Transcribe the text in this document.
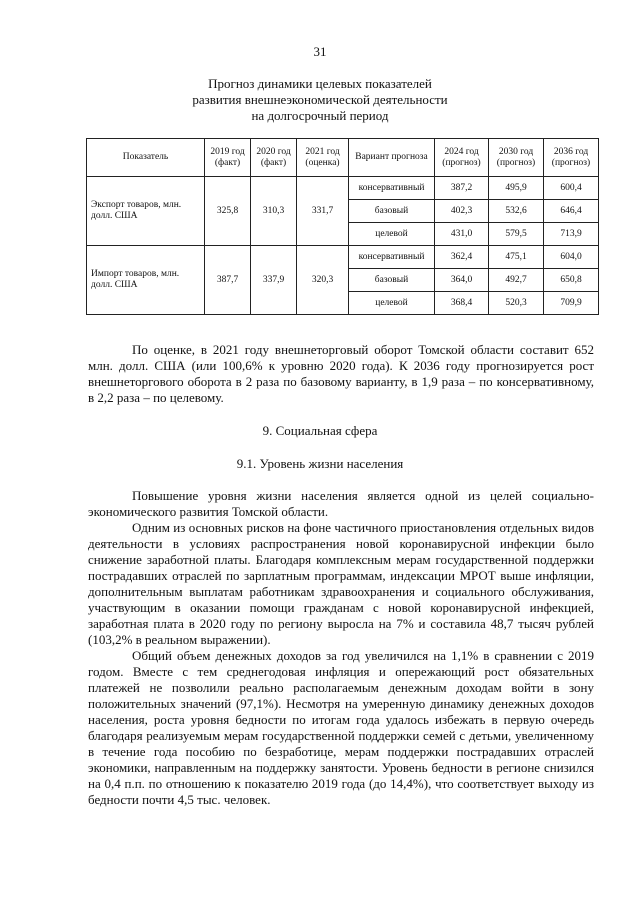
31
Прогноз динамики целевых показателей
развития внешнеэкономической деятельности
на долгосрочный период
Показатель	2019 год (факт)	2020 год (факт)	2021 год (оценка)	Вариант прогноза	2024 год (прогноз)	2030 год (прогноз)	2036 год (прогноз)
Экспорт товаров, млн. долл. США	325,8	310,3	331,7	консервативный	387,2	495,9	600,4
				базовый	402,3	532,6	646,4
				целевой	431,0	579,5	713,9
Импорт товаров, млн. долл. США	387,7	337,9	320,3	консервативный	362,4	475,1	604,0
				базовый	364,0	492,7	650,8
				целевой	368,4	520,3	709,9
По оценке, в 2021 году внешнеторговый оборот Томской области составит 652 млн. долл. США (или 100,6% к уровню 2020 года). К 2036 году прогнозируется рост внешнеторгового оборота в 2 раза по базовому варианту, в 1,9 раза – по консервативному, в 2,2 раза – по целевому.
9. Социальная сфера
9.1. Уровень жизни населения
Повышение уровня жизни населения является одной из целей социально-экономического развития Томской области.
Одним из основных рисков на фоне частичного приостановления отдельных видов деятельности в условиях распространения новой коронавирусной инфекции было снижение заработной платы. Благодаря комплексным мерам государственной поддержки пострадавших отраслей по зарплатным программам, индексации МРОТ выше инфляции, дополнительным выплатам работникам здравоохранения и социального обслуживания, участвующим в оказании помощи гражданам с новой коронавирусной инфекцией, заработная плата в 2020 году по региону выросла на 7% и составила 48,7 тысяч рублей (103,2% в реальном выражении).
Общий объем денежных доходов за год увеличился на 1,1% в сравнении с 2019 годом. Вместе с тем среднегодовая инфляция и опережающий рост обязательных платежей не позволили реально располагаемым денежным доходам войти в зону положительных значений (97,1%). Несмотря на умеренную динамику денежных доходов населения, роста уровня бедности по итогам года удалось избежать в первую очередь благодаря реализуемым мерам государственной поддержки семей с детьми, увеличенному в течение года пособию по безработице, мерам поддержки пострадавших отраслей экономики, направленным на поддержку занятости. Уровень бедности в регионе снизился на 0,4 п.п. по отношению к показателю 2019 года (до 14,4%), что соответствует выходу из бедности почти 4,5 тыс. человек.
